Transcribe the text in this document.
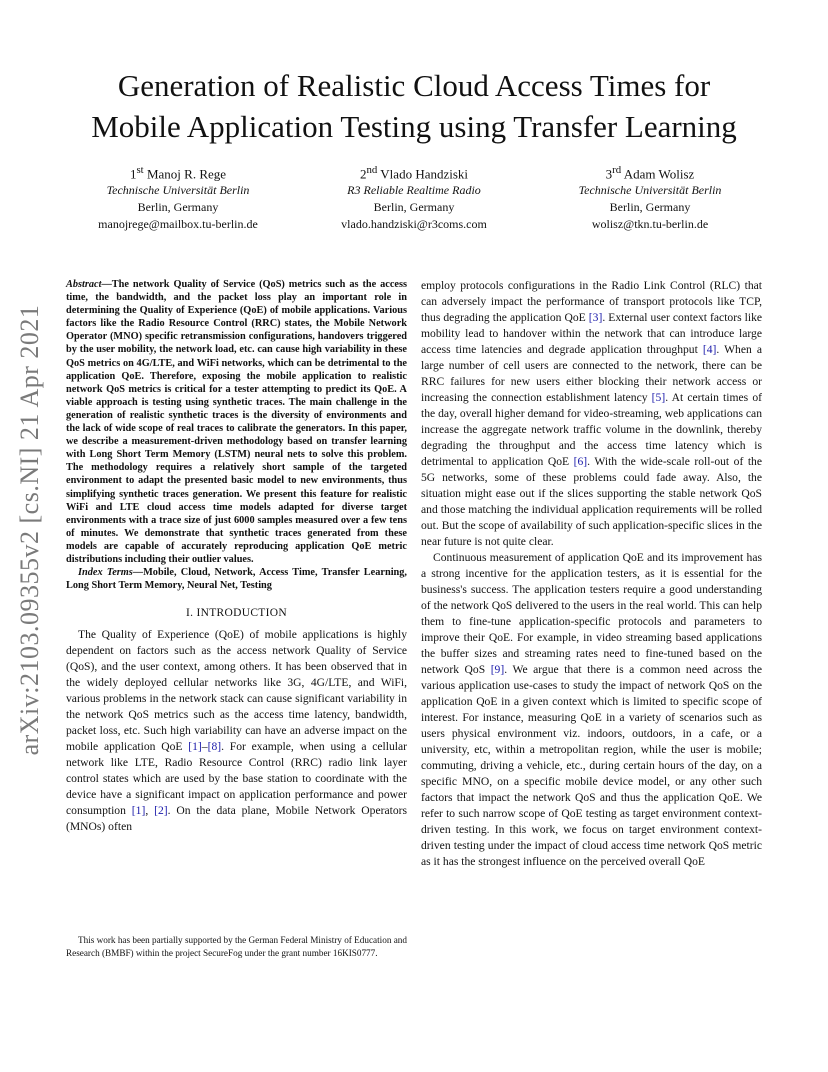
arXiv:2103.09355v2 [cs.NI] 21 Apr 2021
Generation of Realistic Cloud Access Times for
Mobile Application Testing using Transfer Learning
1st Manoj R. Rege
Technische Universität Berlin
Berlin, Germany
manojrege@mailbox.tu-berlin.de
2nd Vlado Handziski
R3 Reliable Realtime Radio
Berlin, Germany
vlado.handziski@r3coms.com
3rd Adam Wolisz
Technische Universität Berlin
Berlin, Germany
wolisz@tkn.tu-berlin.de

Abstract—The network Quality of Service (QoS) metrics such as the access time, the bandwidth, and the packet loss play an important role in determining the Quality of Experience (QoE) of mobile applications. Various factors like the Radio Resource Control (RRC) states, the Mobile Network Operator (MNO) specific retransmission configurations, handovers triggered by the user mobility, the network load, etc. can cause high variability in these QoS metrics on 4G/LTE, and WiFi networks, which can be detrimental to the application QoE. Therefore, exposing the mobile application to realistic network QoS metrics is critical for a tester attempting to predict its QoE. A viable approach is testing using synthetic traces. The main challenge in the generation of realistic synthetic traces is the diversity of environments and the lack of wide scope of real traces to calibrate the generators. In this paper, we describe a measurement-driven methodology based on transfer learning with Long Short Term Memory (LSTM) neural nets to solve this problem. The methodology requires a relatively short sample of the targeted environment to adapt the presented basic model to new environments, thus simplifying synthetic traces generation. We present this feature for realistic WiFi and LTE cloud access time models adapted for diverse target environments with a trace size of just 6000 samples measured over a few tens of minutes. We demonstrate that synthetic traces generated from these models are capable of accurately reproducing application QoE metric distributions including their outlier values.

Index Terms—Mobile, Cloud, Network, Access Time, Transfer Learning, Long Short Term Memory, Neural Net, Testing

I. INTRODUCTION

The Quality of Experience (QoE) of mobile applications is highly dependent on factors such as the access network Quality of Service (QoS), and the user context, among others. It has been observed that in the widely deployed cellular networks like 3G, 4G/LTE, and WiFi, various problems in the network stack can cause significant variability in the network QoS metrics such as the access time latency, bandwidth, packet loss, etc. Such high variability can have an adverse impact on the mobile application QoE [1]–[8]. For example, when using a cellular network like LTE, Radio Resource Control (RRC) radio link layer control states which are used by the base station to coordinate with the device have a significant impact on application performance and power consumption [1], [2]. On the data plane, Mobile Network Operators (MNOs) often

This work has been partially supported by the German Federal Ministry of Education and Research (BMBF) within the project SecureFog under the grant number 16KIS0777.

employ protocols configurations in the Radio Link Control (RLC) that can adversely impact the performance of transport protocols like TCP, thus degrading the application QoE [3]. External user context factors like mobility lead to handover within the network that can introduce large access time latencies and degrade application throughput [4]. When a large number of cell users are connected to the network, there can be RRC failures for new users either blocking their network access or increasing the connection establishment latency [5]. At certain times of the day, overall higher demand for video-streaming, web applications can increase the aggregate network traffic volume in the downlink, thereby degrading the throughput and the access time latency which is detrimental to application QoE [6]. With the wide-scale roll-out of the 5G networks, some of these problems could fade away. Also, the situation might ease out if the slices supporting the stable network QoS and those matching the individual application requirements will be rolled out. But the scope of availability of such application-specific slices in the near future is not quite clear.

Continuous measurement of application QoE and its improvement has a strong incentive for the application testers, as it is essential for the business's success. The application testers require a good understanding of the network QoS delivered to the users in the real world. This can help them to fine-tune application-specific protocols and parameters to improve their QoE. For example, in video streaming based applications the buffer sizes and streaming rates need to fine-tuned based on the network QoS [9]. We argue that there is a common need across the various application use-cases to study the impact of network QoS on the application QoE in a given context which is limited to specific scope of interest. For instance, measuring QoE in a variety of scenarios such as users physical environment viz. indoors, outdoors, in a cafe, or a university, etc, within a metropolitan region, while the user is mobile; commuting, driving a vehicle, etc., during certain hours of the day, on a specific MNO, on a specific mobile device model, or any other such factors that impact the network QoS and thus the application QoE. We refer to such narrow scope of QoE testing as target environment context-driven testing. In this work, we focus on target environment context-driven testing under the impact of cloud access time network QoS metric as it has the strongest influence on the perceived overall QoE
